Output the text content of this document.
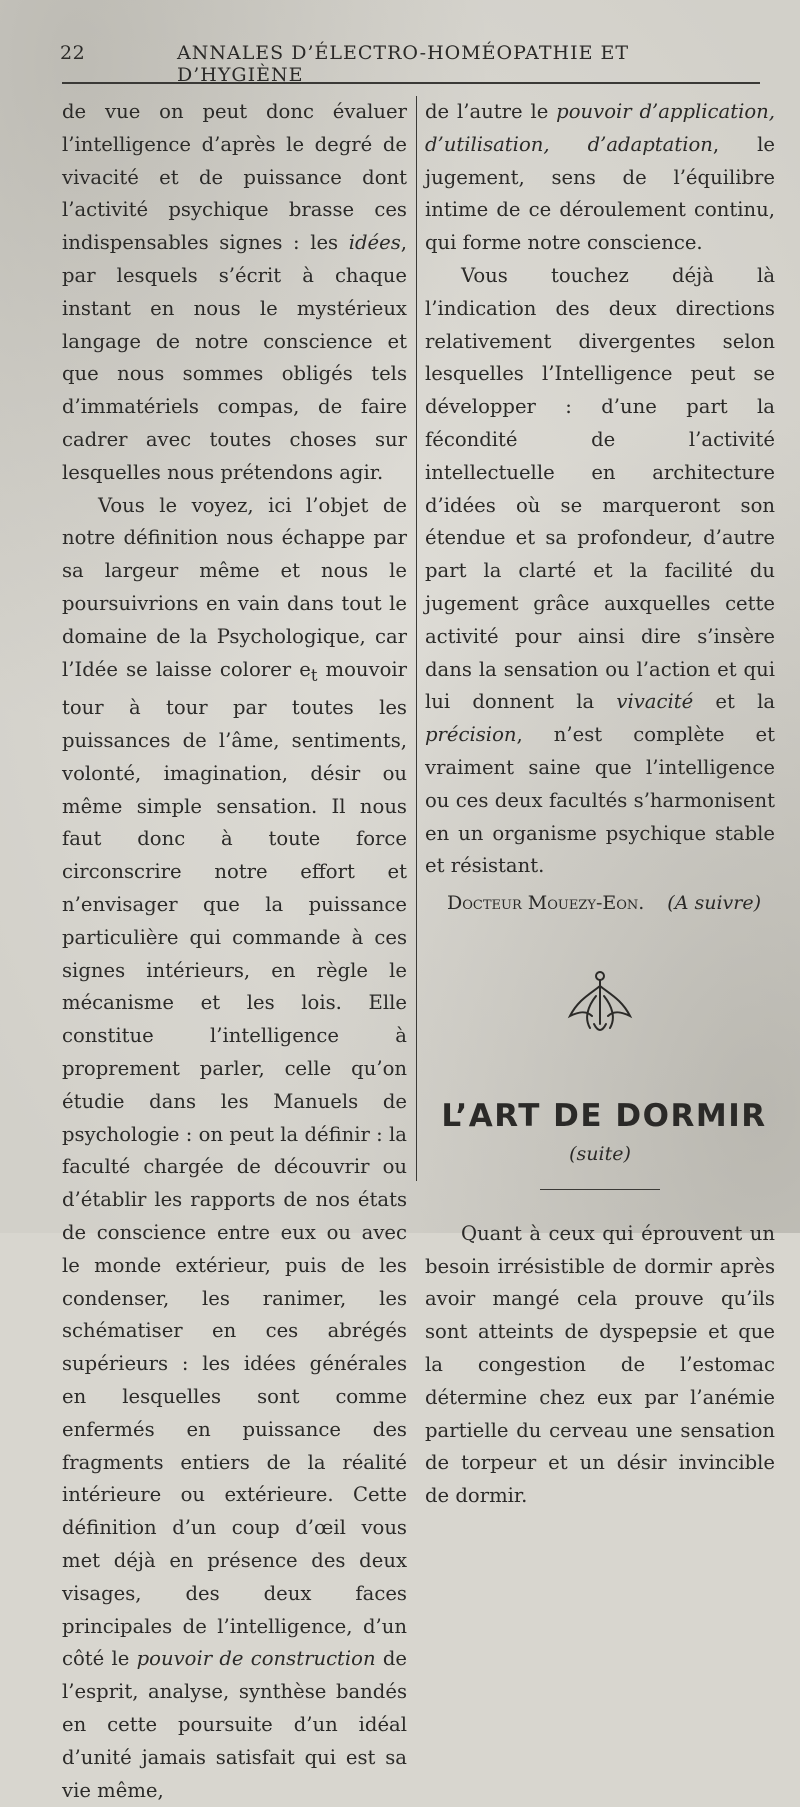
22	ANNALES D’ÉLECTRO-HOMÉOPATHIE ET D’HYGIÈNE

de vue on peut donc évaluer l’intelligence d’après le degré de vivacité et de puissance dont l’activité psychique brasse ces indispensables signes : les idées, par lesquels s’écrit à chaque instant en nous le mystérieux langage de notre conscience et que nous sommes obligés tels d’immatériels compas, de faire cadrer avec toutes choses sur lesquelles nous prétendons agir.

Vous le voyez, ici l’objet de notre définition nous échappe par sa largeur même et nous le poursuivrions en vain dans tout le domaine de la Psychologique, car l’Idée se laisse colorer $e_t$ mouvoir tour à tour par toutes les puissances de l’âme, sentiments, volonté, imagination, désir ou même simple sensation. Il nous faut donc à toute force circonscrire notre effort et n’envisager que la puissance particulière qui commande à ces signes intérieurs, en règle le mécanisme et les lois. Elle constitue l’intelligence à proprement parler, celle qu’on étudie dans les Manuels de psychologie : on peut la définir : la faculté chargée de découvrir ou d’établir les rapports de nos états de conscience entre eux ou avec le monde extérieur, puis de les condenser, les ranimer, les schématiser en ces abrégés supérieurs : les idées générales en lesquelles sont comme enfermés en puissance des fragments entiers de la réalité intérieure ou extérieure. Cette définition d’un coup d’œil vous met déjà en présence des deux visages, des deux faces principales de l’intelligence, d’un côté le pouvoir de construction de l’esprit, analyse, synthèse bandés en cette poursuite d’un idéal d’unité jamais satisfait qui est sa vie même,

de l’autre le pouvoir d’application, d’utilisation, d’adaptation, le jugement, sens de l’équilibre intime de ce déroulement continu, qui forme notre conscience.

Vous touchez déjà là l’indication des deux directions relativement divergentes selon lesquelles l’Intelligence peut se développer : d’une part la fécondité de l’activité intellectuelle en architecture d’idées où se marqueront son étendue et sa profondeur, d’autre part la clarté et la facilité du jugement grâce auxquelles cette activité pour ainsi dire s’insère dans la sensation ou l’action et qui lui donnent la vivacité et la précision, n’est complète et vraiment saine que l’intelligence ou ces deux facultés s’harmonisent en un organisme psychique stable et résistant.

Docteur Mouezy-Eon. (A suivre)
L’ART DE DORMIR
(suite)

Quant à ceux qui éprouvent un besoin irrésistible de dormir après avoir mangé cela prouve qu’ils sont atteints de dyspepsie et que la congestion de l’estomac détermine chez eux par l’anémie partielle du cerveau une sensation de torpeur et un désir invincible de dormir.
